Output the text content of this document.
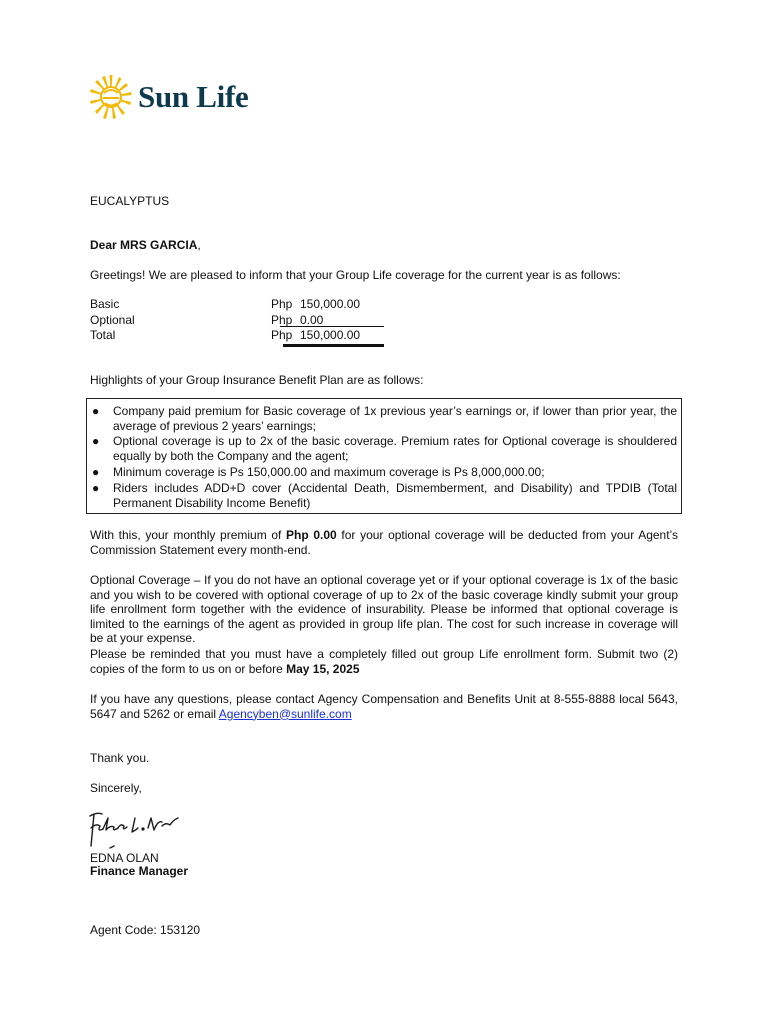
Sun Life
EUCALYPTUS
Dear MRS GARCIA,
Greetings! We are pleased to inform that your Group Life coverage for the current year is as follows:
Basic	Php 150,000.00
Optional	Php 0.00
Total	Php 150,000.00
Highlights of your Group Insurance Benefit Plan are as follows:
● Company paid premium for Basic coverage of 1x previous year’s earnings or, if lower than prior year, the average of previous 2 years’ earnings;
● Optional coverage is up to 2x of the basic coverage. Premium rates for Optional coverage is shouldered equally by both the Company and the agent;
● Minimum coverage is Ps 150,000.00 and maximum coverage is Ps 8,000,000.00;
● Riders includes ADD+D cover (Accidental Death, Dismemberment, and Disability) and TPDIB (Total Permanent Disability Income Benefit)
With this, your monthly premium of Php 0.00 for your optional coverage will be deducted from your Agent’s Commission Statement every month-end.
Optional Coverage – If you do not have an optional coverage yet or if your optional coverage is 1x of the basic and you wish to be covered with optional coverage of up to 2x of the basic coverage kindly submit your group life enrollment form together with the evidence of insurability. Please be informed that optional coverage is limited to the earnings of the agent as provided in group life plan. The cost for such increase in coverage will be at your expense.
Please be reminded that you must have a completely filled out group Life enrollment form. Submit two (2) copies of the form to us on or before May 15, 2025
If you have any questions, please contact Agency Compensation and Benefits Unit at 8-555-8888 local 5643, 5647 and 5262 or email Agencyben@sunlife.com
Thank you.
Sincerely,
EDNA OLAN
Finance Manager
Agent Code: 153120
